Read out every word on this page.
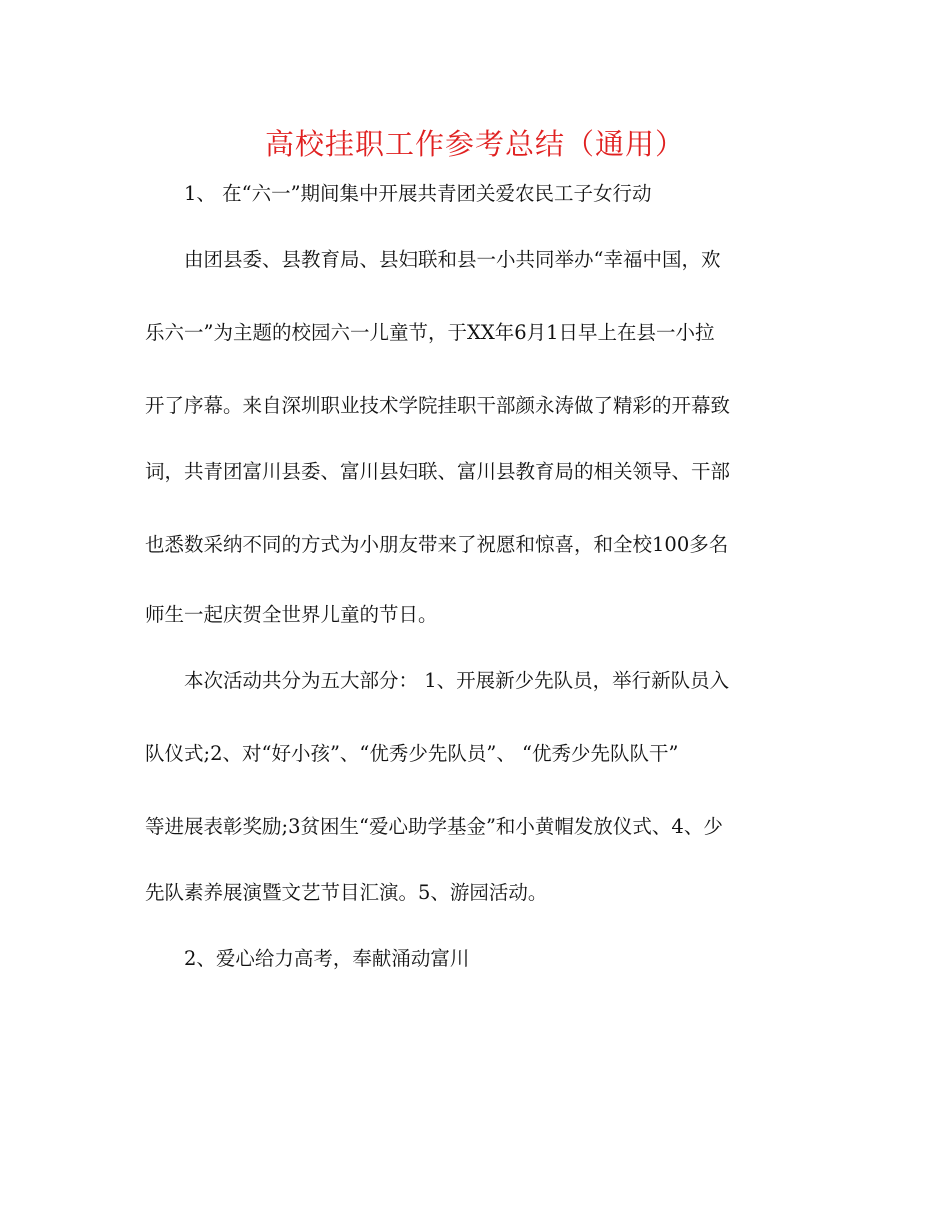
高校挂职工作参考总结（通用）
1、 在“六一”期间集中开展共青团关爱农民工子女行动
由团县委、县教育局、县妇联和县一小共同举办“幸福中国，欢
乐六一”为主题的校园六一儿童节，于XX年6月1日早上在县一小拉
开了序幕。来自深圳职业技术学院挂职干部颜永涛做了精彩的开幕致
词，共青团富川县委、富川县妇联、富川县教育局的相关领导、干部
也悉数采纳不同的方式为小朋友带来了祝愿和惊喜，和全校100多名
师生一起庆贺全世界儿童的节日。
本次活动共分为五大部分： 1、开展新少先队员，举行新队员入
队仪式;2、对“好小孩”、“优秀少先队员”、 “优秀少先队队干”
等进展表彰奖励;3贫困生“爱心助学基金”和小黄帽发放仪式、4、少
先队素养展演暨文艺节目汇演。5、游园活动。
2、爱心给力高考，奉献涌动富川
